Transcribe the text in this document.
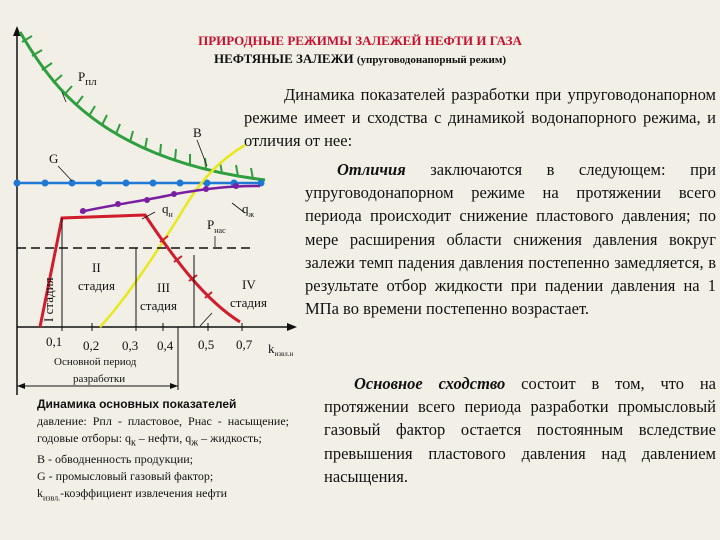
ПРИРОДНЫЕ РЕЖИМЫ ЗАЛЕЖЕЙ НЕФТИ И ГАЗА
НЕФТЯНЫЕ ЗАЛЕЖИ (упруговодонапорный режим)
$Р_{пл}$
В
G
$q_н$	$q_ж$
$Р_{нас}$
I стадия
II
стадия	III
стадия
IV
стадия
0,1 0,2 0,3 0,4 0,5 0,7 $k_{извл.н}$
Основной период
разработки
Динамика показателей разработки при упруговодонапорном режиме имеет и сходства с динамикой водонапорного режима, и отличия от нее:
Отличия заключаются в следующем: при упруговодонапорном режиме на протяжении всего периода происходит снижение пластового давления; по мере расширения области снижения давления вокруг залежи темп падения давления постепенно замедляется, в результате отбор жидкости при падении давления на 1 МПа во времени постепенно возрастает.
Основное сходство состоит в том, что на протяжении всего периода разработки промысловый газовый фактор остается постоянным вследствие превышения пластового давления над давлением насыщения.

Динамика основных показателей

давление: Рпл - пластовое, Рнас - насыщение; годовые отборы: $q_к$ – нефти, $q_ж$ – жидкость;

В - обводненность продукции;

G - промысловый газовый фактор;

$k_{извл.}$-коэффициент извлечения нефти
